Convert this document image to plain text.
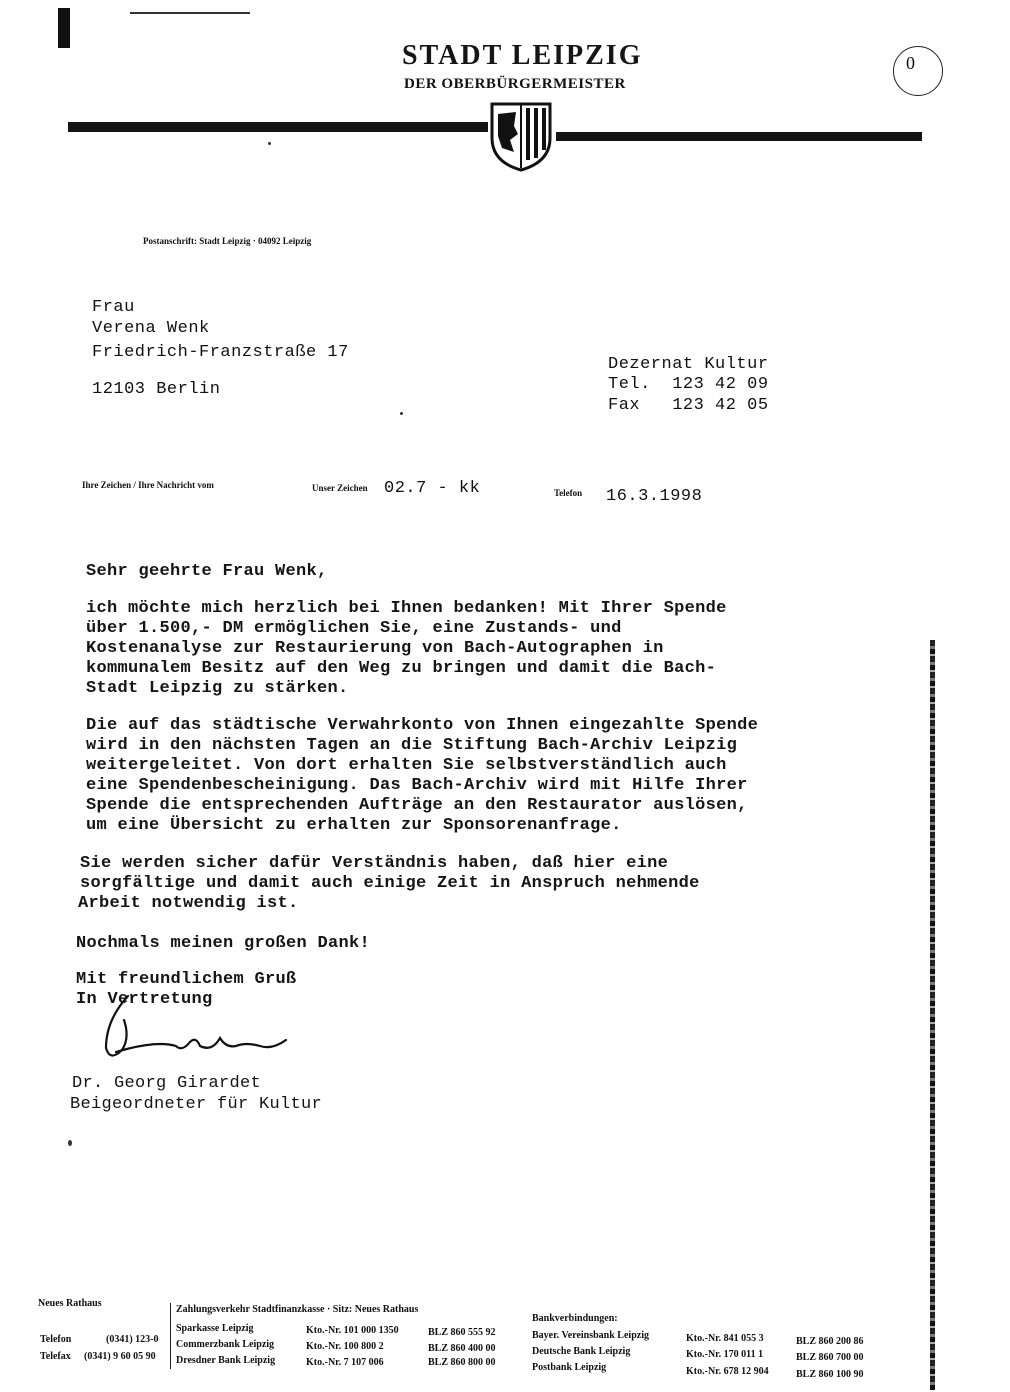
STADT LEIPZIG
DER OBERBÜRGERMEISTER
0
Postanschrift: Stadt Leipzig · 04092 Leipzig
Frau
Verena Wenk
Friedrich-Franzstraße 17
12103 Berlin
Dezernat Kultur
Tel.  123 42 09
Fax   123 42 05
Ihre Zeichen / Ihre Nachricht vom	Unser Zeichen 02.7 - kk	Telefon 16.3.1998
Sehr geehrte Frau Wenk,
ich möchte mich herzlich bei Ihnen bedanken! Mit Ihrer Spende
über 1.500,- DM ermöglichen Sie, eine Zustands- und
Kostenanalyse zur Restaurierung von Bach-Autographen in
kommunalem Besitz auf den Weg zu bringen und damit die Bach-
Stadt Leipzig zu stärken.
Die auf das städtische Verwahrkonto von Ihnen eingezahlte Spende
wird in den nächsten Tagen an die Stiftung Bach-Archiv Leipzig
weitergeleitet. Von dort erhalten Sie selbstverständlich auch
eine Spendenbescheinigung. Das Bach-Archiv wird mit Hilfe Ihrer
Spende die entsprechenden Aufträge an den Restaurator auslösen,
um eine Übersicht zu erhalten zur Sponsorenanfrage.
Sie werden sicher dafür Verständnis haben, daß hier eine
sorgfältige und damit auch einige Zeit in Anspruch nehmende
Arbeit notwendig ist.
Nochmals meinen großen Dank!
Mit freundlichem Gruß
In Vertretung
Dr. Georg Girardet
Beigeordneter für Kultur
Neues Rathaus
Telefon	(0341) 123-0
Telefax (0341) 9 60 05 90
Zahlungsverkehr Stadtfinanzkasse · Sitz: Neues Rathaus
Sparkasse Leipzig	Kto.-Nr. 101 000 1350	BLZ 860 555 92
Commerzbank Leipzig	Kto.-Nr. 100 800 2	BLZ 860 400 00
Dresdner Bank Leipzig	Kto.-Nr. 7 107 006	BLZ 860 800 00
Bankverbindungen:
Bayer. Vereinsbank Leipzig	Kto.-Nr. 841 055 3	BLZ 860 200 86
Deutsche Bank Leipzig	Kto.-Nr. 170 011 1	BLZ 860 700 00
Postbank Leipzig	Kto.-Nr. 678 12 904	BLZ 860 100 90
